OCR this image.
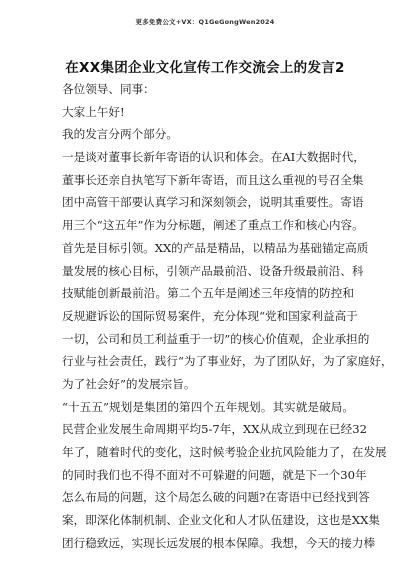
更多免费公文+VX：Q1GeGongWen2024
在XX集团企业文化宣传工作交流会上的发言2
各位领导、同事：
大家上午好!
我的发言分两个部分。
一是谈对董事长新年寄语的认识和体会。在AI大数据时代，
董事长还亲自执笔写下新年寄语，而且这么重视的号召全集
团中高管干部要认真学习和深刻领会，说明其重要性。寄语
用三个“这五年”作为分标题，阐述了重点工作和核心内容。
首先是目标引领。XX的产品是精品，以精品为基础锚定高质
量发展的核心目标，引领产品最前沿、设备升级最前沿、科
技赋能创新最前沿。第二个五年是阐述三年疫情的防控和
反规避诉讼的国际贸易案件，充分体现“党和国家利益高于
一切，公司和员工利益重于一切”的核心价值观，企业承担的
行业与社会责任，践行“为了事业好，为了团队好，为了家庭好，
为了社会好”的发展宗旨。
“十五五”规划是集团的第四个五年规划。其实就是破局。
民营企业发展生命周期平均5-7年，XX从成立到现在已经32
年了，随着时代的变化，这时候考验企业抗风险能力了，在发展
的同时我们也不得不面对不可躲避的问题，就是下一个30年
怎么布局的问题，这个局怎么破的问题?在寄语中已经找到答
案，即深化体制机制、企业文化和人才队伍建设，这也是XX集
团行稳致远，实现长远发展的根本保障。我想，今天的接力棒
